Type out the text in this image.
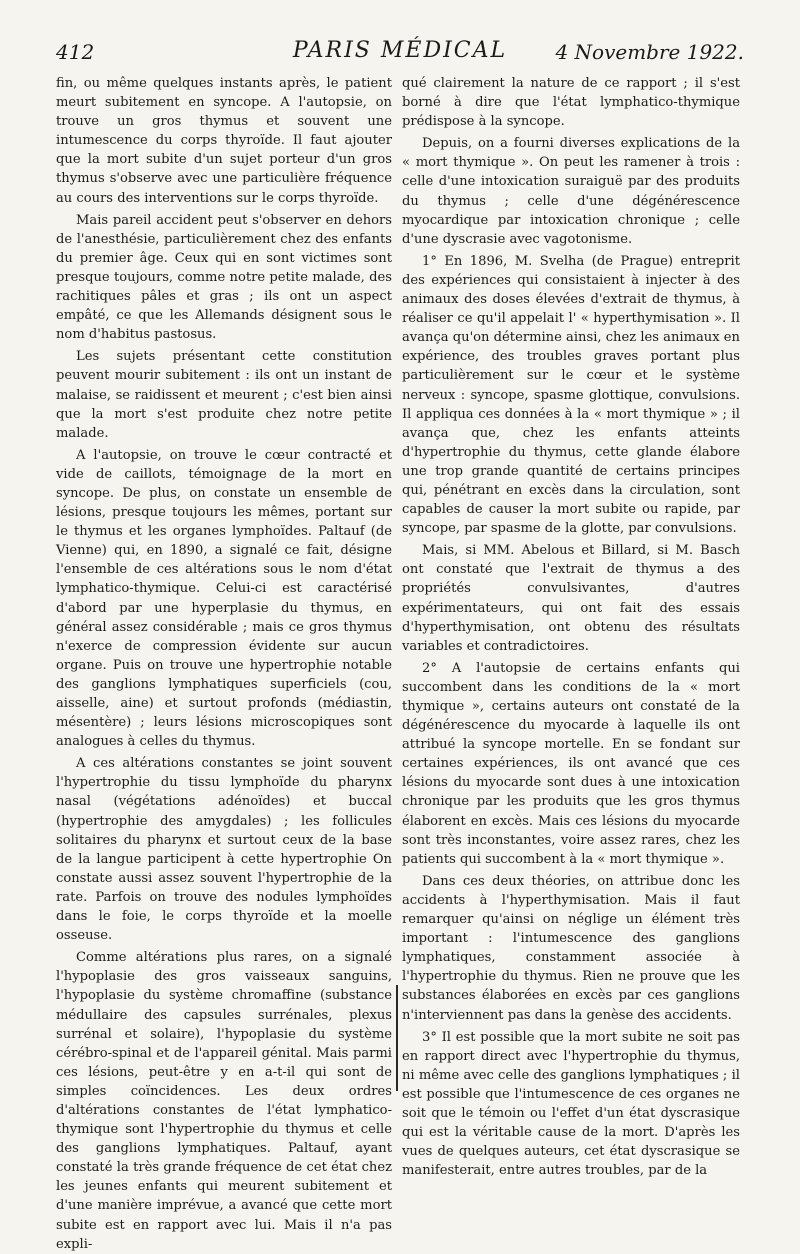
412	PARIS MÉDICAL	4 Novembre 1922.

fin, ou même quelques instants après, le patient meurt subitement en syncope. A l'autopsie, on trouve un gros thymus et souvent une intumescence du corps thyroïde. Il faut ajouter que la mort subite d'un sujet porteur d'un gros thymus s'observe avec une particulière fréquence au cours des interventions sur le corps thyroïde.

Mais pareil accident peut s'observer en dehors de l'anesthésie, particulièrement chez des enfants du premier âge. Ceux qui en sont victimes sont presque toujours, comme notre petite malade, des rachitiques pâles et gras ; ils ont un aspect empâté, ce que les Allemands désignent sous le nom d'habitus pastosus.

Les sujets présentant cette constitution peuvent mourir subitement : ils ont un instant de malaise, se raidissent et meurent ; c'est bien ainsi que la mort s'est produite chez notre petite malade.

A l'autopsie, on trouve le cœur contracté et vide de caillots, témoignage de la mort en syncope. De plus, on constate un ensemble de lésions, presque toujours les mêmes, portant sur le thymus et les organes lymphoïdes. Paltauf (de Vienne) qui, en 1890, a signalé ce fait, désigne l'ensemble de ces altérations sous le nom d'état lymphatico-thymique. Celui-ci est caractérisé d'abord par une hyperplasie du thymus, en général assez considérable ; mais ce gros thymus n'exerce de compression évidente sur aucun organe. Puis on trouve une hypertrophie notable des ganglions lymphatiques superficiels (cou, aisselle, aine) et surtout profonds (médiastin, mésentère) ; leurs lésions microscopiques sont analogues à celles du thymus.

A ces altérations constantes se joint souvent l'hypertrophie du tissu lymphoïde du pharynx nasal (végétations adénoïdes) et buccal (hypertrophie des amygdales) ; les follicules solitaires du pharynx et surtout ceux de la base de la langue participent à cette hypertrophie On constate aussi assez souvent l'hypertrophie de la rate. Parfois on trouve des nodules lymphoïdes dans le foie, le corps thyroïde et la moelle osseuse.

Comme altérations plus rares, on a signalé l'hypoplasie des gros vaisseaux sanguins, l'hypoplasie du système chromaffine (substance médullaire des capsules surrénales, plexus surrénal et solaire), l'hypoplasie du système cérébro-spinal et de l'appareil génital. Mais parmi ces lésions, peut-être y en a-t-il qui sont de simples coïncidences. Les deux ordres d'altérations constantes de l'état lymphatico-thymique sont l'hypertrophie du thymus et celle des ganglions lymphatiques. Paltauf, ayant constaté la très grande fréquence de cet état chez les jeunes enfants qui meurent subitement et d'une manière imprévue, a avancé que cette mort subite est en rapport avec lui. Mais il n'a pas expli-

qué clairement la nature de ce rapport ; il s'est borné à dire que l'état lymphatico-thymique prédispose à la syncope.

Depuis, on a fourni diverses explications de la « mort thymique ». On peut les ramener à trois : celle d'une intoxication suraiguë par des produits du thymus ; celle d'une dégénérescence myocardique par intoxication chronique ; celle d'une dyscrasie avec vagotonisme.

1° En 1896, M. Svelha (de Prague) entreprit des expériences qui consistaient à injecter à des animaux des doses élevées d'extrait de thymus, à réaliser ce qu'il appelait l' « hyperthymisation ». Il avança qu'on détermine ainsi, chez les animaux en expérience, des troubles graves portant plus particulièrement sur le cœur et le système nerveux : syncope, spasme glottique, convulsions. Il appliqua ces données à la « mort thymique » ; il avança que, chez les enfants atteints d'hypertrophie du thymus, cette glande élabore une trop grande quantité de certains principes qui, pénétrant en excès dans la circulation, sont capables de causer la mort subite ou rapide, par syncope, par spasme de la glotte, par convulsions.

Mais, si MM. Abelous et Billard, si M. Basch ont constaté que l'extrait de thymus a des propriétés convulsivantes, d'autres expérimentateurs, qui ont fait des essais d'hyperthymisation, ont obtenu des résultats variables et contradictoires.

2° A l'autopsie de certains enfants qui succombent dans les conditions de la « mort thymique », certains auteurs ont constaté de la dégénérescence du myocarde à laquelle ils ont attribué la syncope mortelle. En se fondant sur certaines expériences, ils ont avancé que ces lésions du myocarde sont dues à une intoxication chronique par les produits que les gros thymus élaborent en excès. Mais ces lésions du myocarde sont très inconstantes, voire assez rares, chez les patients qui succombent à la « mort thymique ».

Dans ces deux théories, on attribue donc les accidents à l'hyperthymisation. Mais il faut remarquer qu'ainsi on néglige un élément très important : l'intumescence des ganglions lymphatiques, constamment associée à l'hypertrophie du thymus. Rien ne prouve que les substances élaborées en excès par ces ganglions n'interviennent pas dans la genèse des accidents.

3° Il est possible que la mort subite ne soit pas en rapport direct avec l'hypertrophie du thymus, ni même avec celle des ganglions lymphatiques ; il est possible que l'intumescence de ces organes ne soit que le témoin ou l'effet d'un état dyscrasique qui est la véritable cause de la mort. D'après les vues de quelques auteurs, cet état dyscrasique se manifesterait, entre autres troubles, par de la
